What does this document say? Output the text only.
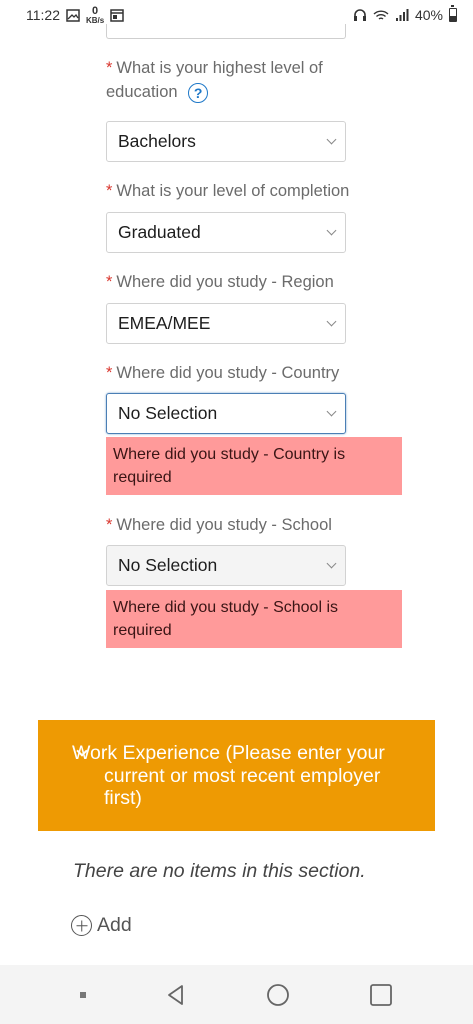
11:22	0
KB/s	40%
* What is your highest level of education ?
Bachelors
* What is your level of completion
Graduated
* Where did you study - Region
EMEA/MEE
* Where did you study - Country
No Selection
Where did you study - Country is required
* Where did you study - School
No Selection
Where did you study - School is required
Work Experience (Please enter your current or most recent employer first)
There are no items in this section.
Add
